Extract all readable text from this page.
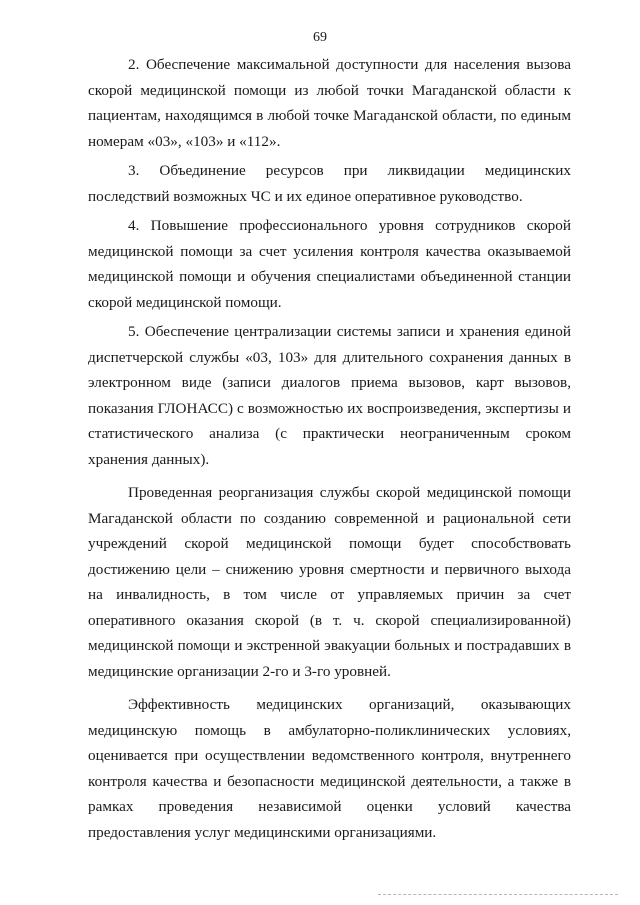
69

2. Обеспечение максимальной доступности для населения вызова скорой медицинской помощи из любой точки Магаданской области к пациентам, находящимся в любой точке Магаданской области, по единым номерам «03», «103» и «112».

3. Объединение ресурсов при ликвидации медицинских последствий возможных ЧС и их единое оперативное руководство.

4. Повышение профессионального уровня сотрудников скорой медицинской помощи за счет усиления контроля качества оказываемой медицинской помощи и обучения специалистами объединенной станции скорой медицинской помощи.

5. Обеспечение централизации системы записи и хранения единой диспетчерской службы «03, 103» для длительного сохранения данных в электронном виде (записи диалогов приема вызовов, карт вызовов, показания ГЛОНАСС) с возможностью их воспроизведения, экспертизы и статистического анализа (с практически неограниченным сроком хранения данных).

Проведенная реорганизация службы скорой медицинской помощи Магаданской области по созданию современной и рациональной сети учреждений скорой медицинской помощи будет способствовать достижению цели – снижению уровня смертности и первичного выхода на инвалидность, в том числе от управляемых причин за счет оперативного оказания скорой (в т. ч. скорой специализированной) медицинской помощи и экстренной эвакуации больных и пострадавших в медицинские организации 2-го и 3-го уровней.

Эффективность медицинских организаций, оказывающих медицинскую помощь в амбулаторно-поликлинических условиях, оценивается при осуществлении ведомственного контроля, внутреннего контроля качества и безопасности медицинской деятельности, а также в рамках проведения независимой оценки условий качества предоставления услуг медицинскими организациями.
